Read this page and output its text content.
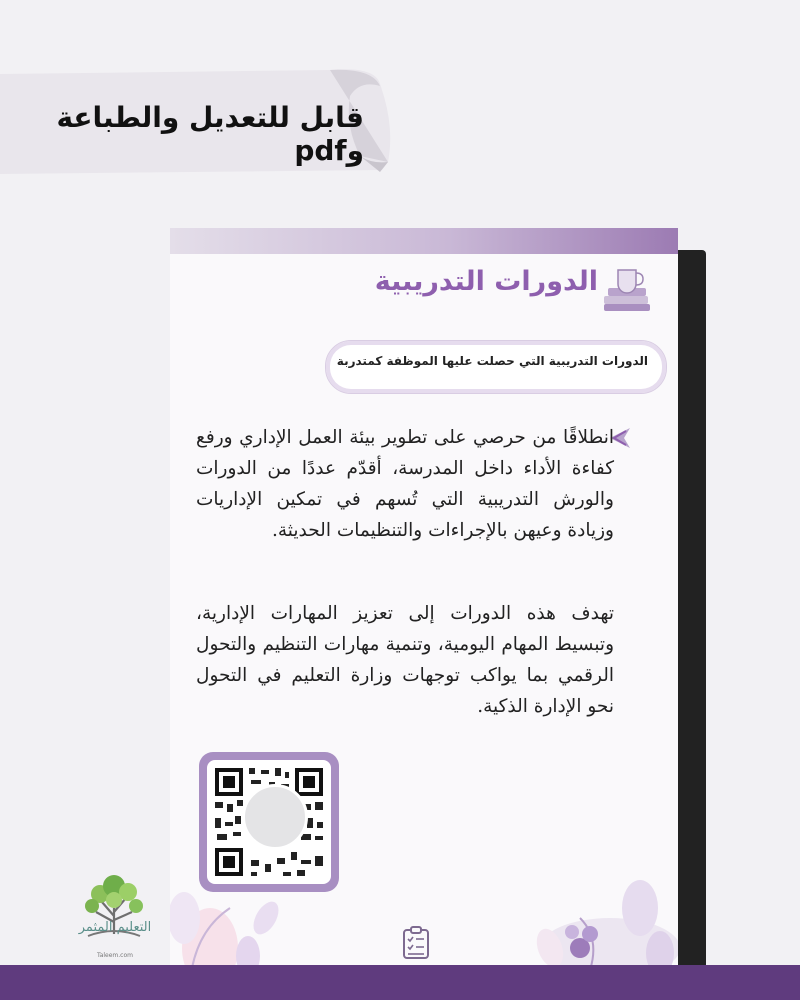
قابل للتعديل والطباعة وpdf
الدورات التدريبية
الدورات التدريبية التي حصلت عليها الموظفة كمتدربة
انطلاقًا من حرصي على تطوير بيئة العمل الإداري ورفع كفاءة الأداء داخل المدرسة، أقدّم عددًا من الدورات والورش التدريبية التي تُسهم في تمكين الإداريات وزيادة وعيهن بالإجراءات والتنظيمات الحديثة.
تهدف هذه الدورات إلى تعزيز المهارات الإدارية، وتبسيط المهام اليومية، وتنمية مهارات التنظيم والتحول الرقمي بما يواكب توجهات وزارة التعليم في التحول نحو الإدارة الذكية.
التعليم المثمر
Taleem.com
